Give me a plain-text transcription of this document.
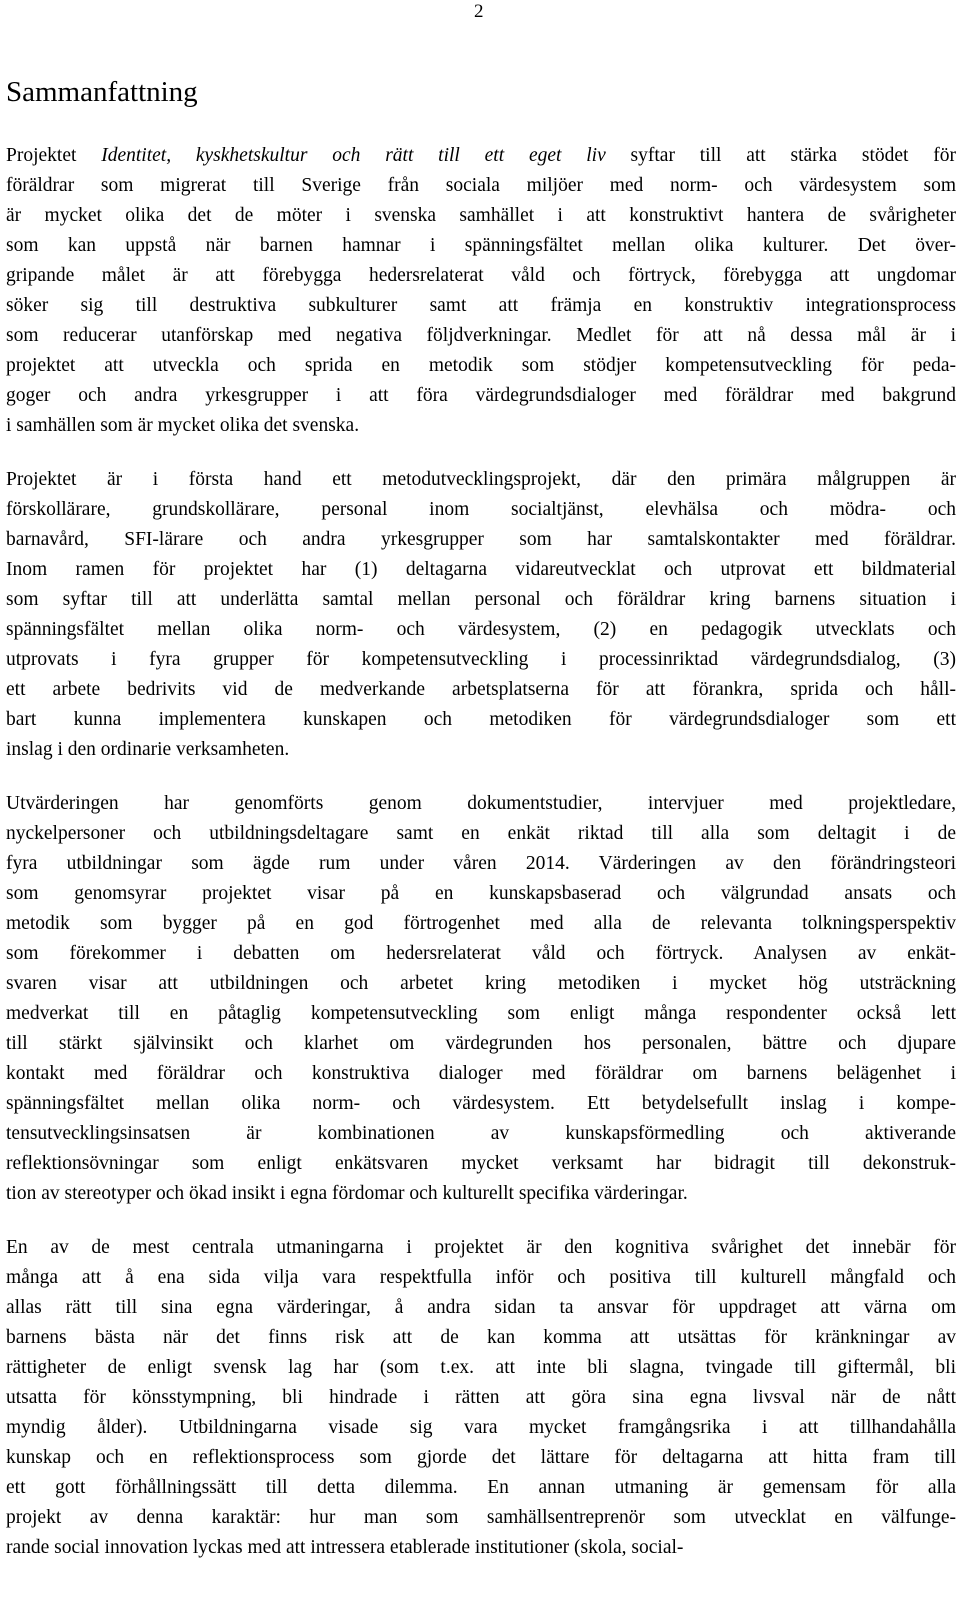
2
Sammanfattning
Projektet Identitet, kyskhetskultur och rätt till ett eget liv syftar till att stärka stödet för
föräldrar som migrerat till Sverige från sociala miljöer med norm- och värdesystem som
är mycket olika det de möter i svenska samhället i att konstruktivt hantera de svårigheter
som kan uppstå när barnen hamnar i spänningsfältet mellan olika kulturer. Det över-
gripande målet är att förebygga hedersrelaterat våld och förtryck, förebygga att ungdomar
söker sig till destruktiva subkulturer samt att främja en konstruktiv integrationsprocess
som reducerar utanförskap med negativa följdverkningar. Medlet för att nå dessa mål är i
projektet att utveckla och sprida en metodik som stödjer kompetensutveckling för peda-
goger och andra yrkesgrupper i att föra värdegrundsdialoger med föräldrar med bakgrund
i samhällen som är mycket olika det svenska.
Projektet är i första hand ett metodutvecklingsprojekt, där den primära målgruppen är
förskollärare, grundskollärare, personal inom socialtjänst, elevhälsa och mödra- och
barnavård, SFI-lärare och andra yrkesgrupper som har samtalskontakter med föräldrar.
Inom ramen för projektet har (1) deltagarna vidareutvecklat och utprovat ett bildmaterial
som syftar till att underlätta samtal mellan personal och föräldrar kring barnens situation i
spänningsfältet mellan olika norm- och värdesystem, (2) en pedagogik utvecklats och
utprovats i fyra grupper för kompetensutveckling i processinriktad värdegrundsdialog, (3)
ett arbete bedrivits vid de medverkande arbetsplatserna för att förankra, sprida och håll-
bart kunna implementera kunskapen och metodiken för värdegrundsdialoger som ett
inslag i den ordinarie verksamheten.
Utvärderingen har genomförts genom dokumentstudier, intervjuer med projektledare,
nyckelpersoner och utbildningsdeltagare samt en enkät riktad till alla som deltagit i de
fyra utbildningar som ägde rum under våren 2014. Värderingen av den förändringsteori
som genomsyrar projektet visar på en kunskapsbaserad och välgrundad ansats och
metodik som bygger på en god förtrogenhet med alla de relevanta tolkningsperspektiv
som förekommer i debatten om hedersrelaterat våld och förtryck. Analysen av enkät-
svaren visar att utbildningen och arbetet kring metodiken i mycket hög utsträckning
medverkat till en påtaglig kompetensutveckling som enligt många respondenter också lett
till stärkt självinsikt och klarhet om värdegrunden hos personalen, bättre och djupare
kontakt med föräldrar och konstruktiva dialoger med föräldrar om barnens belägenhet i
spänningsfältet mellan olika norm- och värdesystem. Ett betydelsefullt inslag i kompe-
tensutvecklingsinsatsen är kombinationen av kunskapsförmedling och aktiverande
reflektionsövningar som enligt enkätsvaren mycket verksamt har bidragit till dekonstruk-
tion av stereotyper och ökad insikt i egna fördomar och kulturellt specifika värderingar.
En av de mest centrala utmaningarna i projektet är den kognitiva svårighet det innebär för
många att å ena sida vilja vara respektfulla inför och positiva till kulturell mångfald och
allas rätt till sina egna värderingar, å andra sidan ta ansvar för uppdraget att värna om
barnens bästa när det finns risk att de kan komma att utsättas för kränkningar av
rättigheter de enligt svensk lag har (som t.ex. att inte bli slagna, tvingade till giftermål, bli
utsatta för könsstympning, bli hindrade i rätten att göra sina egna livsval när de nått
myndig ålder). Utbildningarna visade sig vara mycket framgångsrika i att tillhandahålla
kunskap och en reflektionsprocess som gjorde det lättare för deltagarna att hitta fram till
ett gott förhållningssätt till detta dilemma. En annan utmaning är gemensam för alla
projekt av denna karaktär: hur man som samhällsentreprenör som utvecklat en välfunge-
rande social innovation lyckas med att intressera etablerade institutioner (skola, social-
